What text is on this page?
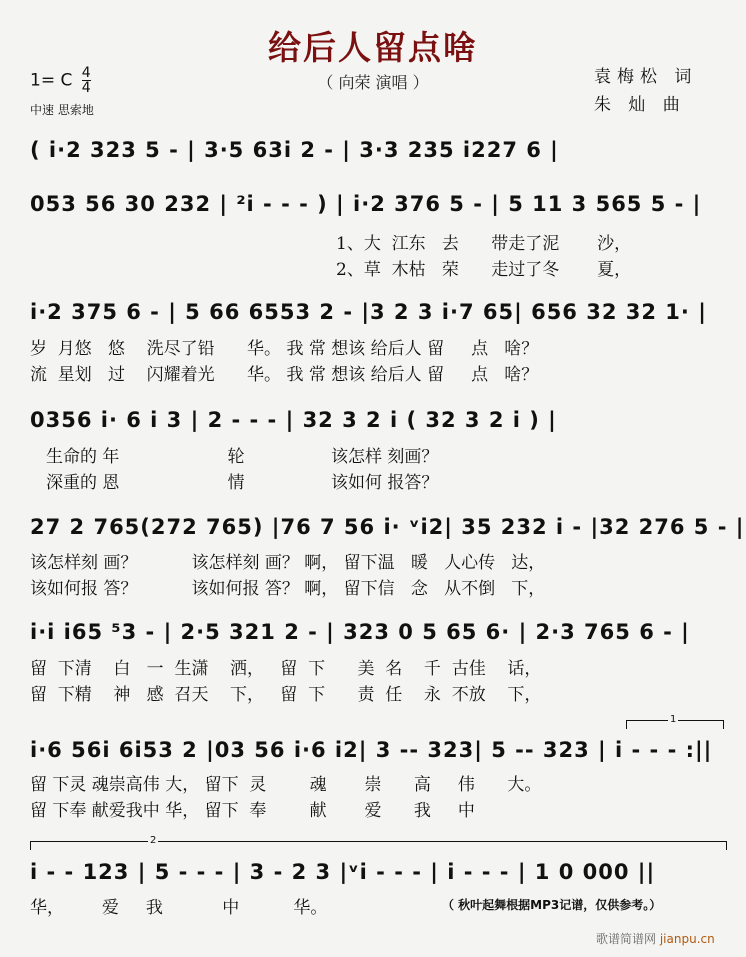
给后人留点啥
（ 向荣 演唱 ）
1= C $\frac{4}{4}$
中速 思索地
袁梅松 词
朱 灿 曲
( i·2 323 5 - | 3·5 63i 2 - | 3·3 235 i227 6 |
053 56 30 232 | ²i - - - ) | i·2 376 5 - | 5 11 3 565 5 - |
1、大  江东   去      带走了泥       沙，
2、草  木枯   荣      走过了冬       夏，
i·2 375 6 - | 5 66 6553 2 - |3 2 3 i·7 65| 656 32 32 1· |
岁  月悠   悠    洗尽了铅      华。 我 常 想该 给后人 留     点   啥？
流  星划   过    闪耀着光      华。 我 常 想该 给后人 留     点   啥？
0356 i· 6 i 3 | 2 - - - | 32 3 2 i ( 32 3 2 i ) |
生命的 年                    轮                该怎样 刻画？
深重的 恩                    情                该如何 报答？
27 2 765(272 765) |76 7 56 i· ᵛi2| 35 232 i - |32 276 5 - |
该怎样刻 画？          该怎样刻 画？ 啊， 留下温   暖   人心传   达，
该如何报 答？          该如何报 答？ 啊， 留下信   念   从不倒   下，
i·i i65 ⁵3 - | 2·5 321 2 - | 323 0 5 65 6· | 2·3 765 6 - |
留  下清    白   一  生潇    洒，   留  下      美  名    千  古佳    话，
留  下精    神   感  召天    下，   留  下      责  任    永  不放    下，
1
i·6 56i 6i53 2 |03 56 i·6 i2| 3 -- 323| 5 -- 323 | i - - - :||
留 下灵 魂崇高伟 大， 留下  灵        魂       崇      高     伟      大。
留 下奉 献爱我中 华， 留下  奉        献       爱      我     中
2
i - - 123 | 5 - - - | 3 - 2 3 |ᵛi - - - | i - - - | 1 0 000 ||
华，       爱     我           中          华。	（ 秋叶起舞根据MP3记谱，仅供参考。）
歌谱简谱网 jianpu.cn
